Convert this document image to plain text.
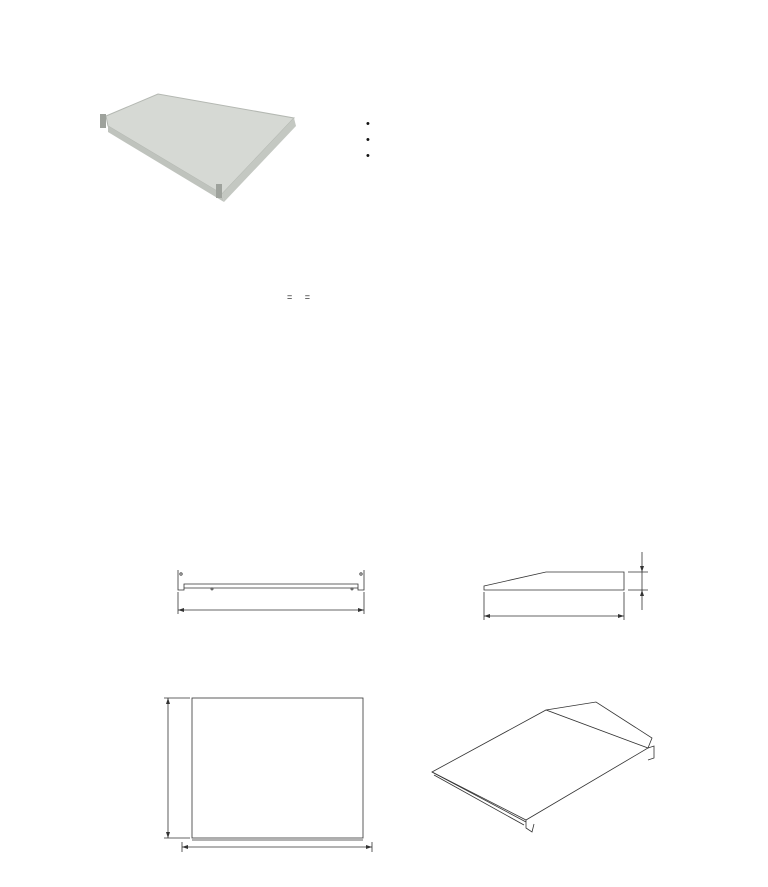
•
•
•
=     =
